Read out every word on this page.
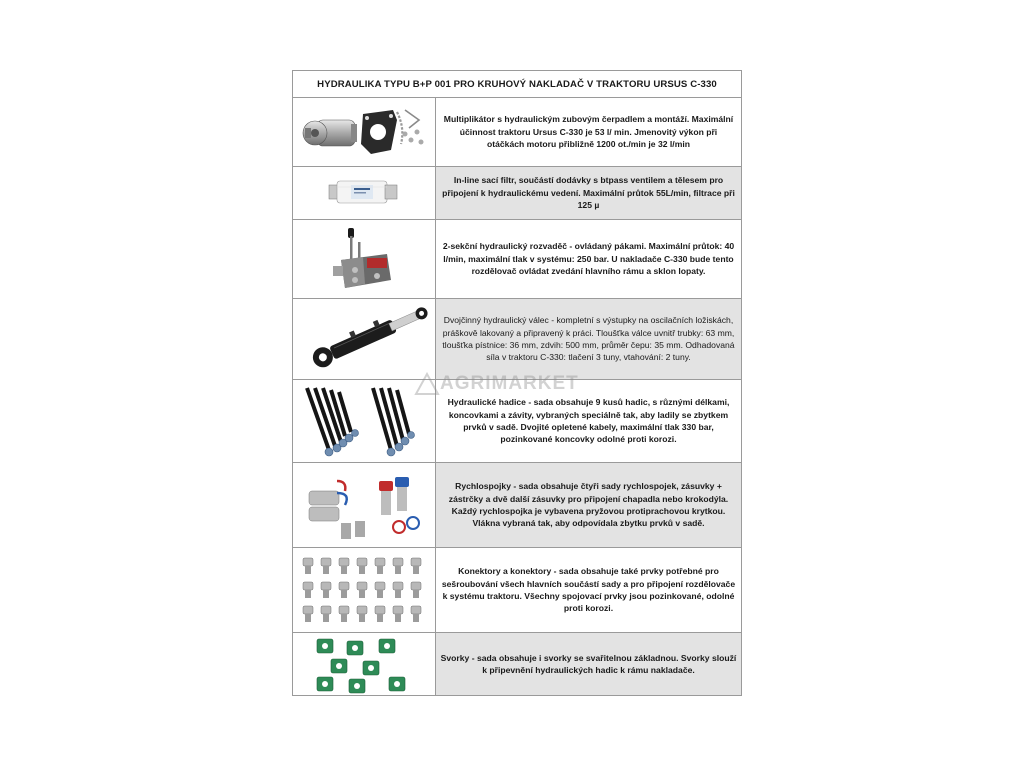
HYDRAULIKA TYPU B+P 001 PRO KRUHOVÝ NAKLADAČ V TRAKTORU URSUS C-330
Multiplikátor s hydraulickým zubovým čerpadlem a montáží. Maximální účinnost traktoru Ursus C-330 je 53 l/ min. Jmenovitý výkon při otáčkách motoru přibližně 1200 ot./min je 32 l/min
In-line sací filtr, součástí dodávky s btpass ventilem a tělesem pro připojení k hydraulickému vedení. Maximální průtok 55L/min, filtrace při 125 µ
2-sekční hydraulický rozvaděč - ovládaný pákami. Maximální průtok: 40 l/min, maximální tlak v systému: 250 bar. U nakladače C-330 bude tento rozdělovač ovládat zvedání hlavního rámu a sklon lopaty.
Dvojčinný hydraulický válec - kompletní s výstupky na oscilačních ložiskách, práškově lakovaný a připravený k práci. Tloušťka válce uvnitř trubky: 63 mm, tloušťka pístnice: 36 mm, zdvih: 500 mm, průměr čepu: 35 mm. Odhadovaná síla v traktoru C-330: tlačení 3 tuny, vtahování: 2 tuny.
Hydraulické hadice - sada obsahuje 9 kusů hadic, s různými délkami, koncovkami a závity, vybraných speciálně tak, aby ladily se zbytkem prvků v sadě. Dvojité opletené kabely, maximální tlak 330 bar, pozinkované koncovky odolné proti korozi.
Rychlospojky - sada obsahuje čtyři sady rychlospojek, zásuvky + zástrčky a dvě další zásuvky pro připojení chapadla nebo krokodýla. Každý rychlospojka je vybavena pryžovou protiprachovou krytkou. Vlákna vybraná tak, aby odpovídala zbytku prvků v sadě.
Konektory a konektory - sada obsahuje také prvky potřebné pro sešroubování všech hlavních součástí sady a pro připojení rozdělovače k systému traktoru. Všechny spojovací prvky jsou pozinkované, odolné proti korozi.
Svorky - sada obsahuje i svorky se svařitelnou základnou. Svorky slouží k připevnění hydraulických hadic k rámu nakladače.
AGRIMARKET
